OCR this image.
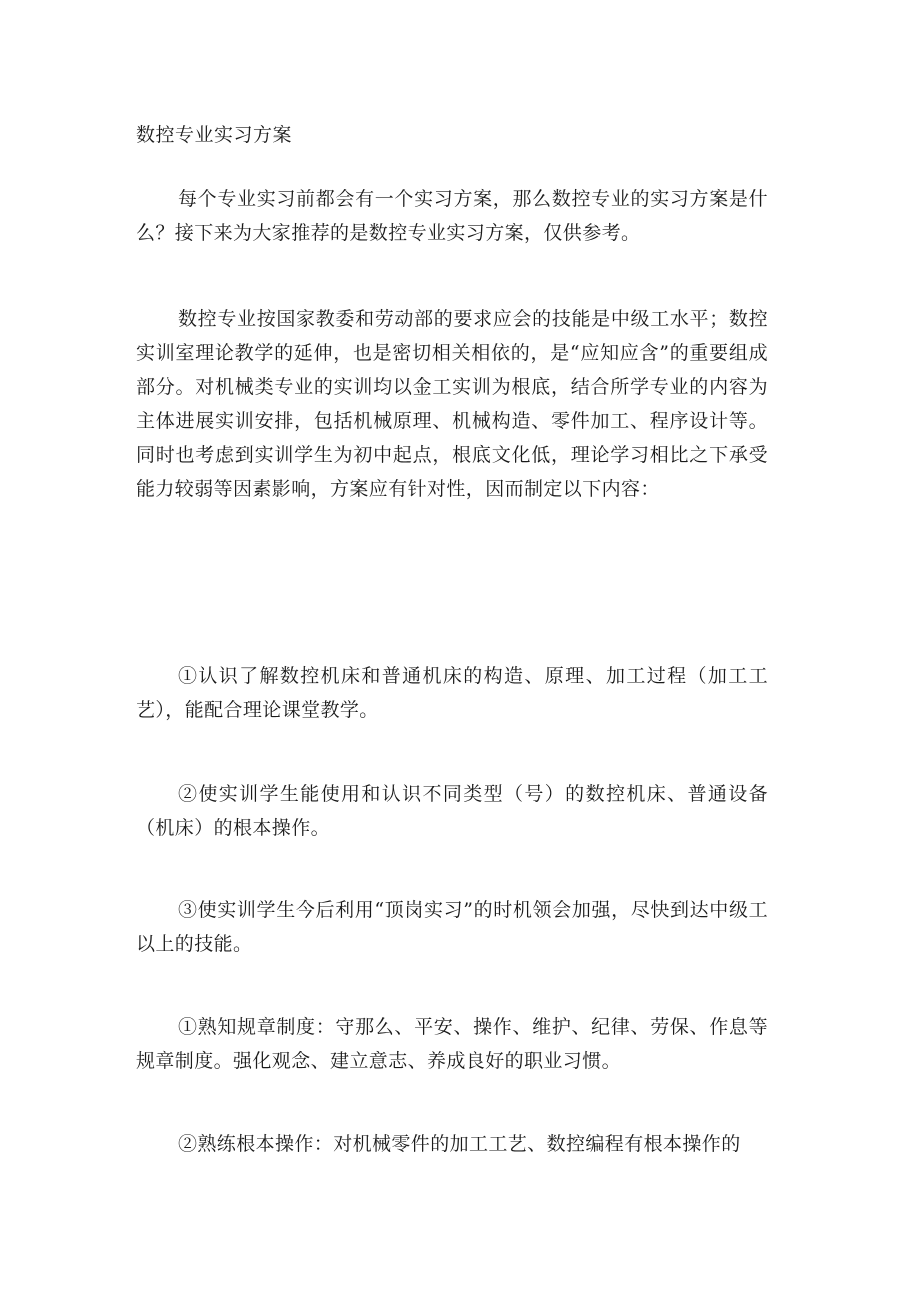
数控专业实习方案

每个专业实习前都会有一个实习方案，那么数控专业的实习方案是什么？接下来为大家推荐的是数控专业实习方案，仅供参考。

数控专业按国家教委和劳动部的要求应会的技能是中级工水平；数控实训室理论教学的延伸，也是密切相关相依的，是“应知应含”的重要组成部分。对机械类专业的实训均以金工实训为根底，结合所学专业的内容为主体进展实训安排，包括机械原理、机械构造、零件加工、程序设计等。同时也考虑到实训学生为初中起点，根底文化低，理论学习相比之下承受能力较弱等因素影响，方案应有针对性，因而制定以下内容：

①认识了解数控机床和普通机床的构造、原理、加工过程（加工工艺），能配合理论课堂教学。

②使实训学生能使用和认识不同类型（号）的数控机床、普通设备（机床）的根本操作。

③使实训学生今后利用“顶岗实习”的时机领会加强，尽快到达中级工以上的技能。

①熟知规章制度：守那么、平安、操作、维护、纪律、劳保、作息等规章制度。强化观念、建立意志、养成良好的职业习惯。

②熟练根本操作：对机械零件的加工工艺、数控编程有根本操作的
